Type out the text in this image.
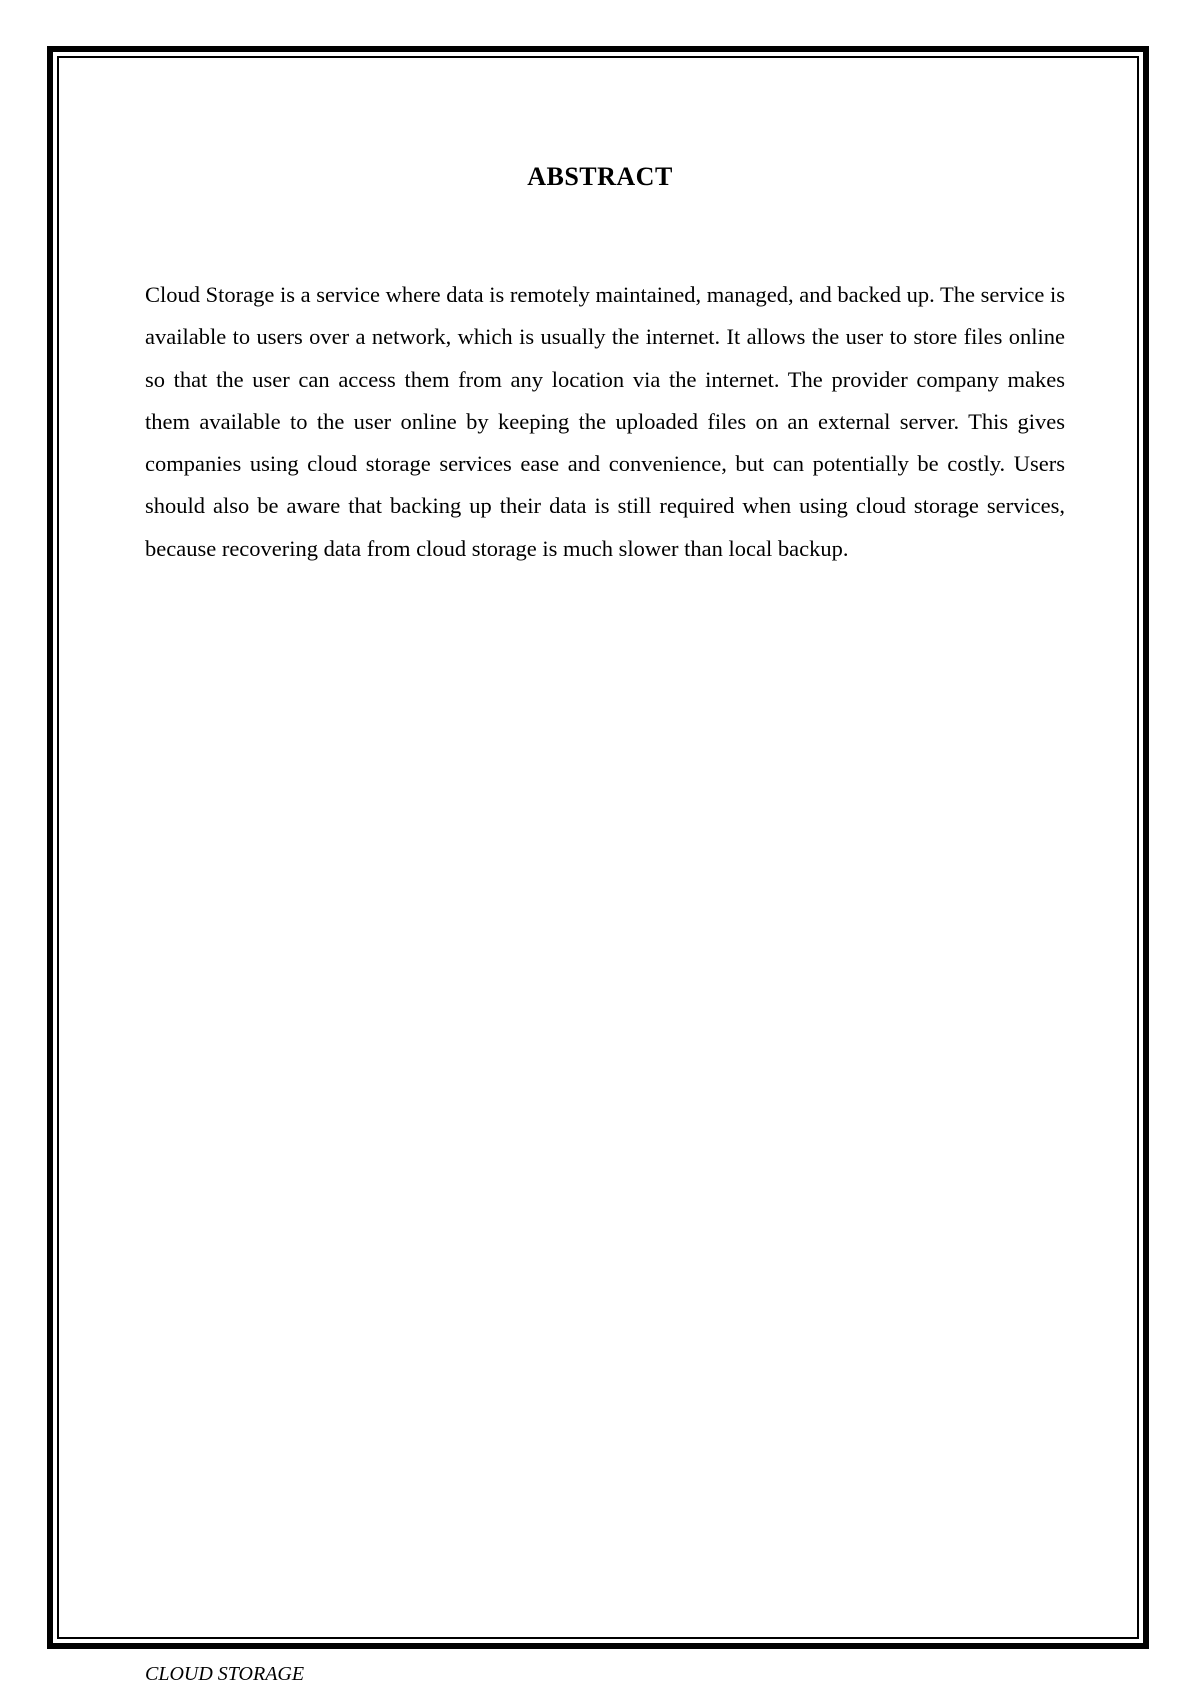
ABSTRACT

Cloud Storage is a service where data is remotely maintained, managed, and backed up. The service is available to users over a network, which is usually the internet. It allows the user to store files online so that the user can access them from any location via the internet. The provider company makes them available to the user online by keeping the uploaded files on an external server. This gives companies using cloud storage services ease and convenience, but can potentially be costly. Users should also be aware that backing up their data is still required when using cloud storage services, because recovering data from cloud storage is much slower than local backup.

CLOUD STORAGE
